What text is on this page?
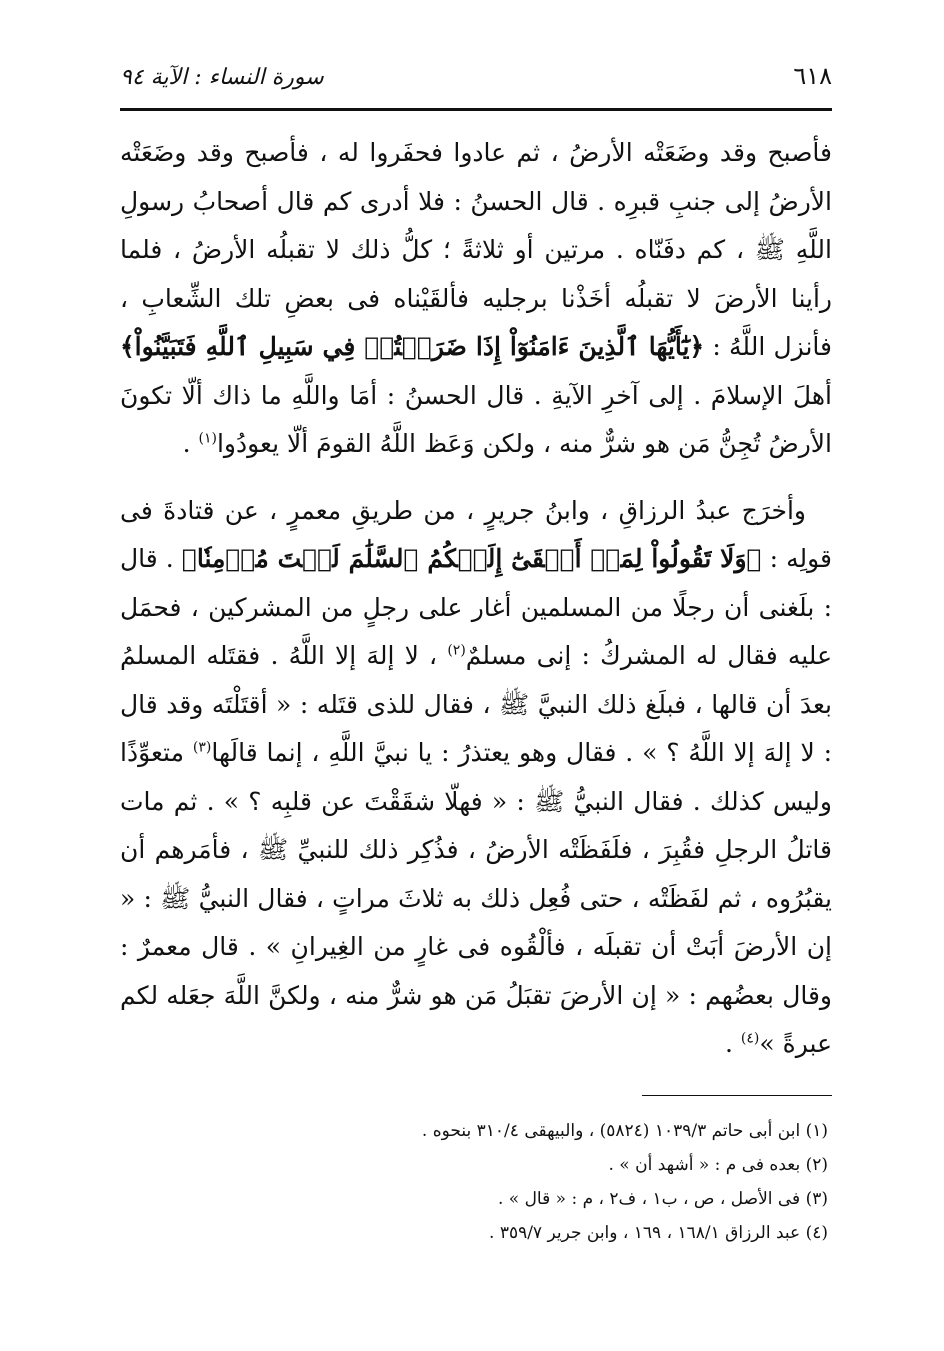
٦١٨
سورة النساء : الآية ٩٤

فأصبح وقد وضَعَتْه الأرضُ ، ثم عادوا فحفَروا له ، فأصبح وقد وضَعَتْه الأرضُ إلى جنبِ قبرِه . قال الحسنُ : فلا أدرى كم قال أصحابُ رسولِ اللَّهِ ﷺ ، كم دفَنّاه . مرتين أو ثلاثةً ؛ كلُّ ذلك لا تقبلُه الأرضُ ، فلما رأينا الأرضَ لا تقبلُه أخَذْنا برجليه فألقَيْناه فى بعضِ تلك الشِّعابِ ، فأنزل اللَّهُ : ﴿يَٰٓأَيُّهَا ٱلَّذِينَ ءَامَنُوٓاْ إِذَا ضَرَبۡتُمۡ فِي سَبِيلِ ٱللَّهِ فَتَبَيَّنُواْ﴾ أهلَ الإسلامَ . إلى آخرِ الآيةِ . قال الحسنُ : أمَا واللَّهِ ما ذاك ألّا تكونَ الأرضُ تُجِنُّ مَن هو شرٌّ منه ، ولكن وَعَظ اللَّهُ القومَ ألّا يعودُوا$^{(١)}$ .

وأخرَج عبدُ الرزاقِ ، وابنُ جريرٍ ، من طريقِ معمرٍ ، عن قتادةَ فى قولِه : ﴿وَلَا تَقُولُواْ لِمَنۡ أَلۡقَىٰٓ إِلَيۡكُمُ ٱلسَّلَٰمَ لَسۡتَ مُؤۡمِنٗا﴾ . قال : بلَغنى أن رجلًا من المسلمين أغار على رجلٍ من المشركين ، فحمَل عليه فقال له المشركُ : إنى مسلمٌ$^{(٢)}$ ، لا إلهَ إلا اللَّهُ . فقتَله المسلمُ بعدَ أن قالها ، فبلَغ ذلك النبيَّ ﷺ ، فقال للذى قتَله : « أقتَلْتَه وقد قال : لا إلهَ إلا اللَّهُ ؟ » . فقال وهو يعتذرُ : يا نبيَّ اللَّهِ ، إنما قالَها$^{(٣)}$ متعوِّذًا وليس كذلك . فقال النبيُّ ﷺ : « فهلّا شقَقْتَ عن قلبِه ؟ » . ثم مات قاتلُ الرجلِ فقُبِرَ ، فلَفَظَتْه الأرضُ ، فذُكِر ذلك للنبيِّ ﷺ ، فأمَرهم أن يقبُرُوه ، ثم لفَظَتْه ، حتى فُعِل ذلك به ثلاثَ مراتٍ ، فقال النبيُّ ﷺ : « إن الأرضَ أبَتْ أن تقبلَه ، فألْقُوه فى غارٍ من الغِيرانِ » . قال معمرٌ : وقال بعضُهم : « إن الأرضَ تقبَلُ مَن هو شرٌّ منه ، ولكنَّ اللَّهَ جعَله لكم عبرةً »$^{(٤)}$ .

(١) ابن أبى حاتم ١٠٣٩/٣ (٥٨٢٤) ، والبيهقى ٣١٠/٤ بنحوه .
(٢) بعده فى م : « أشهد أن » .
(٣) فى الأصل ، ص ، ب١ ، ف٢ ، م : « قال » .
(٤) عبد الرزاق ١٦٨/١ ، ١٦٩ ، وابن جرير ٣٥٩/٧ .
